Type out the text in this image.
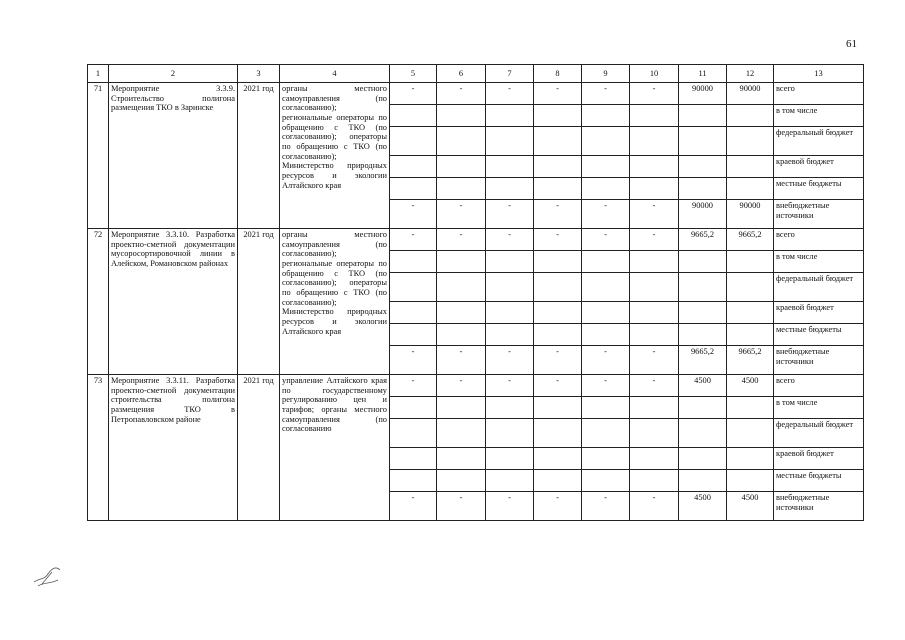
61
1	2	3	4	5	6	7	8	9	10	11	12	13
71	Мероприятие 3.3.9. Строительство полигона размещения ТКО в Заринске	2021 год	органы местного самоуправления (по согласованию); региональные операторы по обращению с ТКО (по согласованию); операторы по обращению с ТКО (по согласованию); Министерство природных ресурсов и экологии Алтайского края	-	-	-	-	-	-	90000	90000	всего
												в том числе
												федеральный бюджет
												краевой бюджет
												местные бюджеты
				-	-	-	-	-	-	90000	90000	внебюджетные источники
72	Мероприятие 3.3.10. Разработка проектно-сметной документации мусоросортировочной линии в Алейском, Романовском районах	2021 год	органы местного самоуправления (по согласованию); региональные операторы по обращению с ТКО (по согласованию); операторы по обращению с ТКО (по согласованию); Министерство природных ресурсов и экологии Алтайского края	-	-	-	-	-	-	9665,2	9665,2	всего
												в том числе
												федеральный бюджет
												краевой бюджет
												местные бюджеты
				-	-	-	-	-	-	9665,2	9665,2	внебюджетные источники
73	Мероприятие 3.3.11. Разработка проектно-сметной документации строительства полигона размещения ТКО в Петропавловском районе	2021 год	управление Алтайского края по государственному регулированию цен и тарифов; органы местного самоуправления (по согласованию	-	-	-	-	-	-	4500	4500	всего
												в том числе
												федеральный бюджет
												краевой бюджет
												местные бюджеты
				-	-	-	-	-	-	4500	4500	внебюджетные источники
